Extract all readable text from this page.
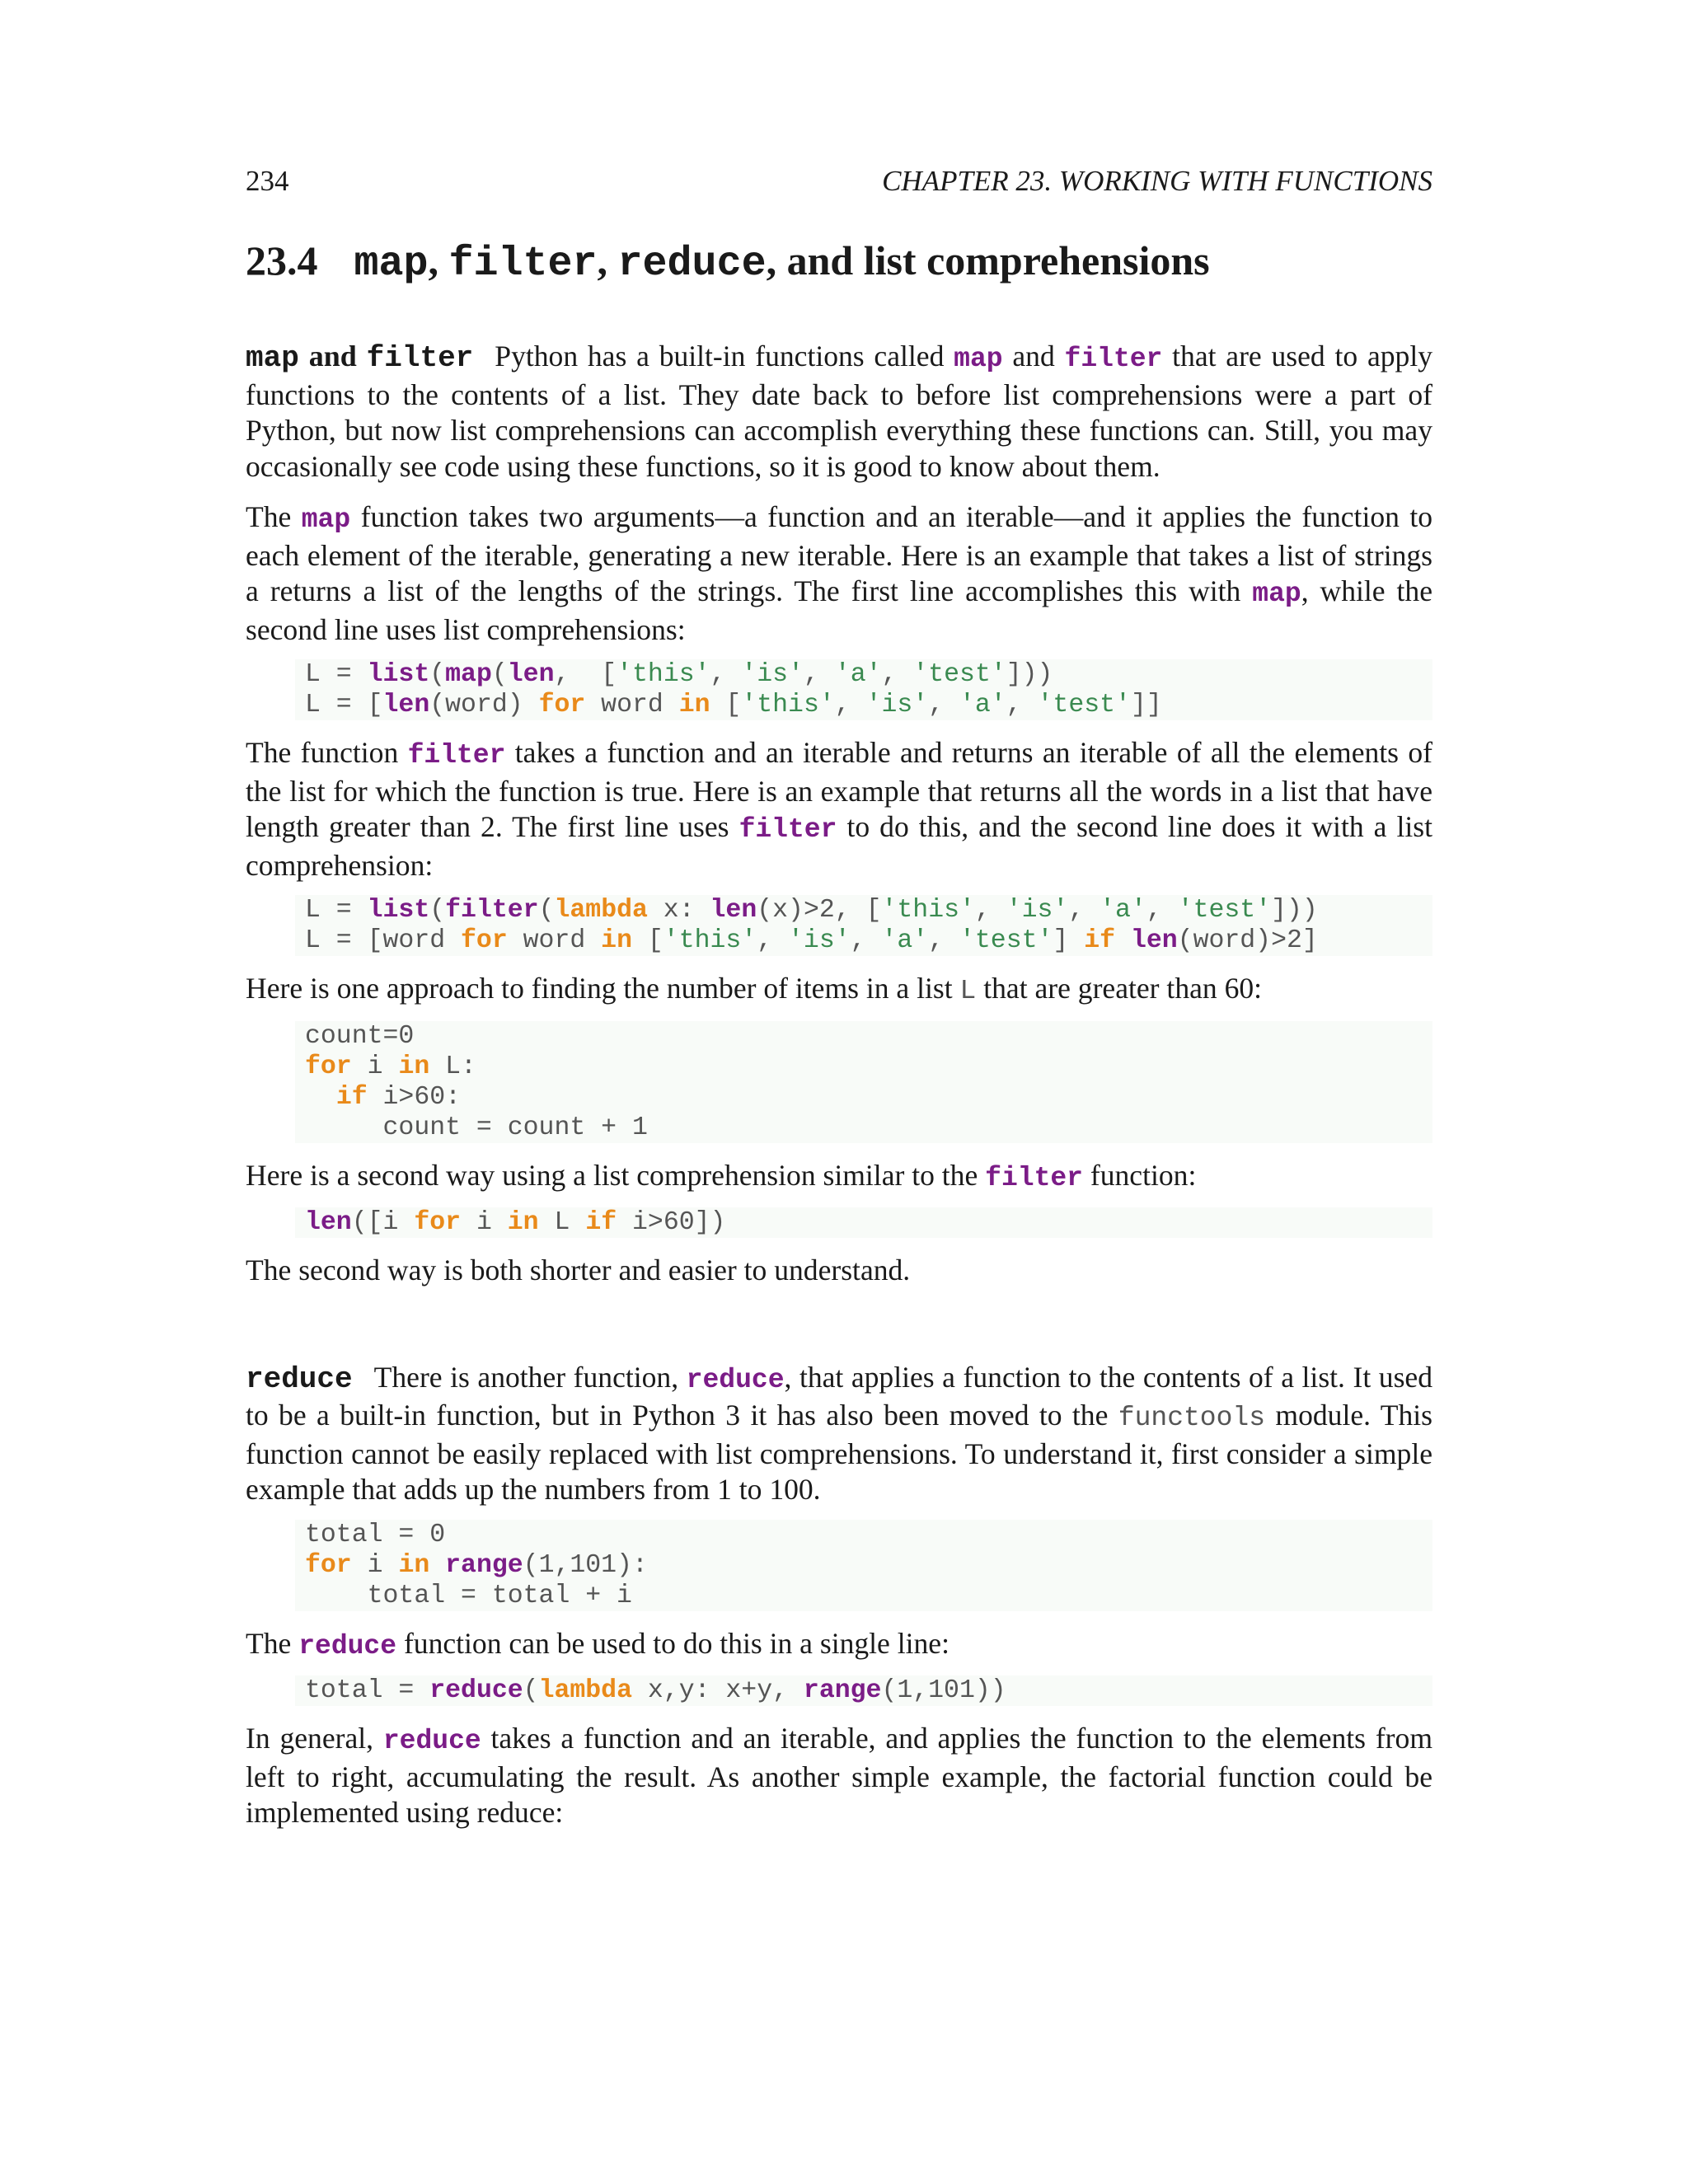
234	CHAPTER 23. WORKING WITH FUNCTIONS
23.4 map, filter, reduce, and list comprehensions

map and filter Python has a built-in functions called map and filter that are used to apply functions to the contents of a list. They date back to before list comprehensions were a part of Python, but now list comprehensions can accomplish everything these functions can. Still, you may occasionally see code using these functions, so it is good to know about them.

The map function takes two arguments—a function and an iterable—and it applies the function to each element of the iterable, generating a new iterable. Here is an example that takes a list of strings a returns a list of the lengths of the strings. The first line accomplishes this with map, while the second line uses list comprehensions:

L = list(map(len,  ['this', 'is', 'a', 'test']))
L = [len(word) for word in ['this', 'is', 'a', 'test']]

The function filter takes a function and an iterable and returns an iterable of all the elements of the list for which the function is true. Here is an example that returns all the words in a list that have length greater than 2. The first line uses filter to do this, and the second line does it with a list comprehension:

L = list(filter(lambda x: len(x)>2, ['this', 'is', 'a', 'test']))
L = [word for word in ['this', 'is', 'a', 'test'] if len(word)>2]

Here is one approach to finding the number of items in a list L that are greater than 60:

count=0
for i in L:
if i>60:
count = count + 1

Here is a second way using a list comprehension similar to the filter function:

len([i for i in L if i>60])

The second way is both shorter and easier to understand.

reduce There is another function, reduce, that applies a function to the contents of a list. It used to be a built-in function, but in Python 3 it has also been moved to the functools module. This function cannot be easily replaced with list comprehensions. To understand it, first consider a simple example that adds up the numbers from 1 to 100.

total = 0
for i in range(1,101):
total = total + i

The reduce function can be used to do this in a single line:

total = reduce(lambda x,y: x+y, range(1,101))

In general, reduce takes a function and an iterable, and applies the function to the elements from left to right, accumulating the result. As another simple example, the factorial function could be implemented using reduce:
